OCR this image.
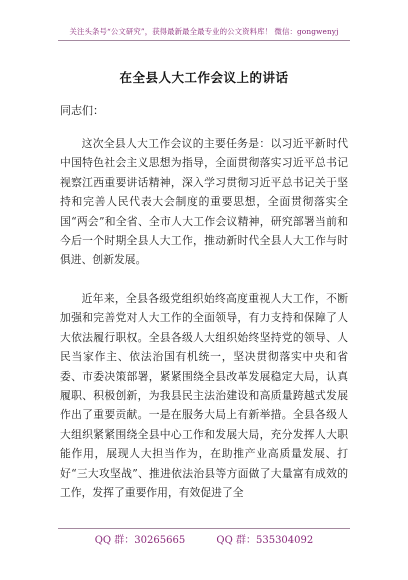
关注头条号“公文研究”，获得最新最全最专业的公文资料库！ 微信：gongwenyj
在全县人大工作会议上的讲话
同志们：

这次全县人大工作会议的主要任务是：以习近平新时代中国特色社会主义思想为指导，全面贯彻落实习近平总书记视察江西重要讲话精神，深入学习贯彻习近平总书记关于坚持和完善人民代表大会制度的重要思想，全面贯彻落实全国“两会”和全省、全市人大工作会议精神，研究部署当前和今后一个时期全县人大工作，推动新时代全县人大工作与时俱进、创新发展。

近年来，全县各级党组织始终高度重视人大工作，不断加强和完善党对人大工作的全面领导，有力支持和保障了人大依法履行职权。全县各级人大组织始终坚持党的领导、人民当家作主、依法治国有机统一，坚决贯彻落实中央和省委、市委决策部署，紧紧围绕全县改革发展稳定大局，认真履职、积极创新，为我县民主法治建设和高质量跨越式发展作出了重要贡献。一是在服务大局上有新举措。全县各级人大组织紧紧围绕全县中心工作和发展大局，充分发挥人大职能作用，展现人大担当作为，在助推产业高质量发展、打好“三大攻坚战”、推进依法治县等方面做了大量富有成效的工作，发挥了重要作用，有效促进了全

QQ 群：30265665	QQ 群：535304092
